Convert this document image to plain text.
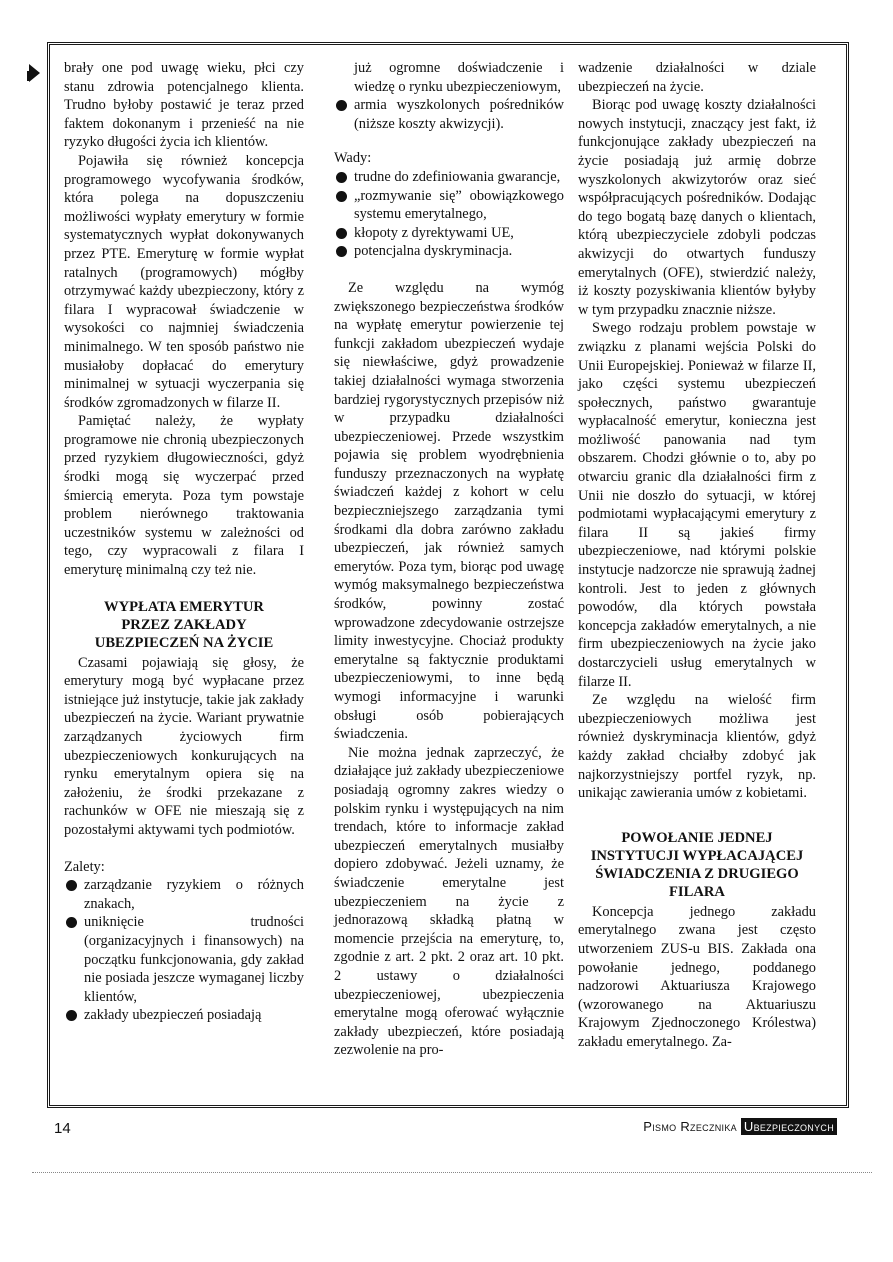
brały one pod uwagę wieku, płci czy stanu zdrowia potencjalnego klienta. Trudno byłoby postawić je teraz przed faktem dokonanym i przenieść na nie ryzyko długości życia ich klientów.

Pojawiła się również koncepcja programowego wycofywania środków, która polega na dopuszczeniu możliwości wypłaty emerytury w formie systematycznych wypłat dokonywanych przez PTE. Emeryturę w formie wypłat ratalnych (programowych) mógłby otrzymywać każdy ubezpieczony, który z filara I wypracował świadczenie w wysokości co najmniej świadczenia minimalnego. W ten sposób państwo nie musiałoby dopłacać do emerytury minimalnej w sytuacji wyczerpania się środków zgromadzonych w filarze II.

Pamiętać należy, że wypłaty programowe nie chronią ubezpieczonych przed ryzykiem długowieczności, gdyż środki mogą się wyczerpać przed śmiercią emeryta. Poza tym powstaje problem nierównego traktowania uczestników systemu w zależności od tego, czy wypracowali z filara I emeryturę minimalną czy też nie.

WYPŁATA EMERYTUR
PRZEZ ZAKŁADY
UBEZPIECZEŃ NA ŻYCIE

Czasami pojawiają się głosy, że emerytury mogą być wypłacane przez istniejące już instytucje, takie jak zakłady ubezpieczeń na życie. Wariant prywatnie zarządzanych życiowych firm ubezpieczeniowych konkurujących na rynku emerytalnym opiera się na założeniu, że środki przekazane z rachunków w OFE nie mieszają się z pozostałymi aktywami tych podmiotów.

Zalety:

zarządzanie ryzykiem o różnych znakach,
uniknięcie trudności (organizacyjnych i finansowych) na początku funkcjonowania, gdy zakład nie posiada jeszcze wymaganej liczby klientów,
zakłady ubezpieczeń posiadają
już ogromne doświadczenie i wiedzę o rynku ubezpieczeniowym,
armia wyszkolonych pośredników (niższe koszty akwizycji).

Wady:

trudne do zdefiniowania gwarancje,
„rozmywanie się” obowiązkowego systemu emerytalnego,
kłopoty z dyrektywami UE,
potencjalna dyskryminacja.

Ze względu na wymóg zwiększonego bezpieczeństwa środków na wypłatę emerytur powierzenie tej funkcji zakładom ubezpieczeń wydaje się niewłaściwe, gdyż prowadzenie takiej działalności wymaga stworzenia bardziej rygorystycznych przepisów niż w przypadku działalności ubezpieczeniowej. Przede wszystkim pojawia się problem wyodrębnienia funduszy przeznaczonych na wypłatę świadczeń każdej z kohort w celu bezpieczniejszego zarządzania tymi środkami dla dobra zarówno zakładu ubezpieczeń, jak również samych emerytów. Poza tym, biorąc pod uwagę wymóg maksymalnego bezpieczeństwa środków, powinny zostać wprowadzone zdecydowanie ostrzejsze limity inwestycyjne. Chociaż produkty emerytalne są faktycznie produktami ubezpieczeniowymi, to inne będą wymogi informacyjne i warunki obsługi osób pobierających świadczenia.

Nie można jednak zaprzeczyć, że działające już zakłady ubezpieczeniowe posiadają ogromny zakres wiedzy o polskim rynku i występujących na nim trendach, które to informacje zakład ubezpieczeń emerytalnych musiałby dopiero zdobywać. Jeżeli uznamy, że świadczenie emerytalne jest ubezpieczeniem na życie z jednorazową składką płatną w momencie przejścia na emeryturę, to, zgodnie z art. 2 pkt. 2 oraz art. 10 pkt. 2 ustawy o działalności ubezpieczeniowej, ubezpieczenia emerytalne mogą oferować wyłącznie zakłady ubezpieczeń, które posiadają zezwolenie na pro-

wadzenie działalności w dziale ubezpieczeń na życie.

Biorąc pod uwagę koszty działalności nowych instytucji, znaczący jest fakt, iż funkcjonujące zakłady ubezpieczeń na życie posiadają już armię dobrze wyszkolonych akwizytorów oraz sieć współpracujących pośredników. Dodając do tego bogatą bazę danych o klientach, którą ubezpieczyciele zdobyli podczas akwizycji do otwartych funduszy emerytalnych (OFE), stwierdzić należy, iż koszty pozyskiwania klientów byłyby w tym przypadku znacznie niższe.

Swego rodzaju problem powstaje w związku z planami wejścia Polski do Unii Europejskiej. Ponieważ w filarze II, jako części systemu ubezpieczeń społecznych, państwo gwarantuje wypłacalność emerytur, konieczna jest możliwość panowania nad tym obszarem. Chodzi głównie o to, aby po otwarciu granic dla działalności firm z Unii nie doszło do sytuacji, w której podmiotami wypłacającymi emerytury z filara II są jakieś firmy ubezpieczeniowe, nad którymi polskie instytucje nadzorcze nie sprawują żadnej kontroli. Jest to jeden z głównych powodów, dla których powstała koncepcja zakładów emerytalnych, a nie firm ubezpieczeniowych na życie jako dostarczycieli usług emerytalnych w filarze II.

Ze względu na wielość firm ubezpieczeniowych możliwa jest również dyskryminacja klientów, gdyż każdy zakład chciałby zdobyć jak najkorzystniejszy portfel ryzyk, np. unikając zawierania umów z kobietami.

POWOŁANIE JEDNEJ
INSTYTUCJI WYPŁACAJĄCEJ
ŚWIADCZENIA Z DRUGIEGO
FILARA

Koncepcja jednego zakładu emerytalnego zwana jest często utworzeniem ZUS-u BIS. Zakłada ona powołanie jednego, poddanego nadzorowi Aktuariusza Krajowego (wzorowanego na Aktuariuszu Krajowym Zjednoczonego Królestwa) zakładu emerytalnego. Za-

14	Pismo Rzecznika Ubezpieczonych
